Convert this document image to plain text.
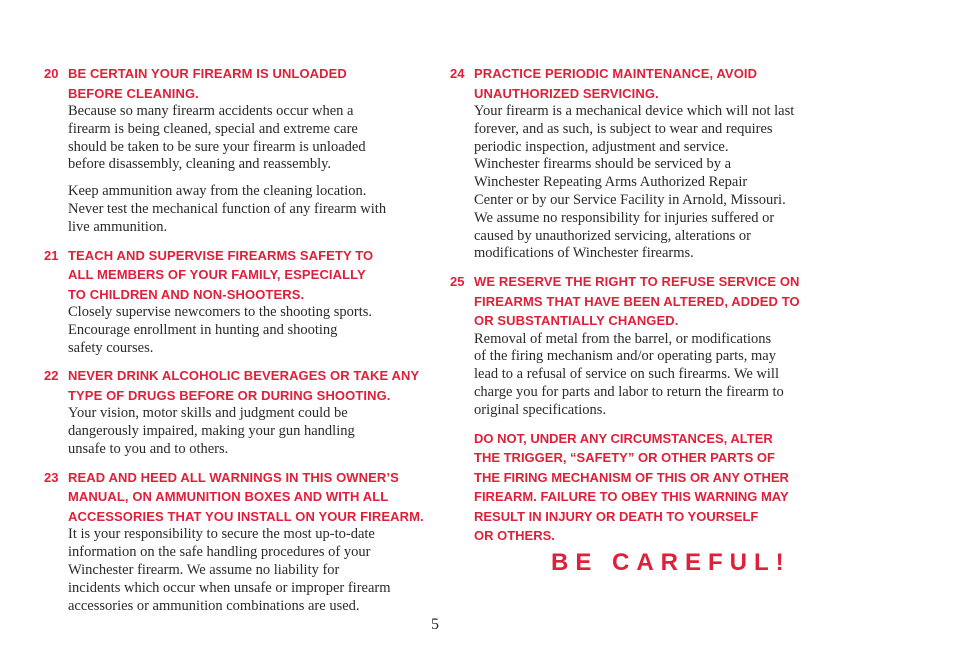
20 BE CERTAIN YOUR FIREARM IS UNLOADED
BEFORE CLEANING.
Because so many firearm accidents occur when a
firearm is being cleaned, special and extreme care
should be taken to be sure your firearm is unloaded
before disassembly, cleaning and reassembly.
Keep ammunition away from the cleaning location.
Never test the mechanical function of any firearm with
live ammunition.
21 TEACH AND SUPERVISE FIREARMS SAFETY TO
ALL MEMBERS OF YOUR FAMILY, ESPECIALLY
TO CHILDREN AND NON-SHOOTERS.
Closely supervise newcomers to the shooting sports.
Encourage enrollment in hunting and shooting
safety courses.
22 NEVER DRINK ALCOHOLIC BEVERAGES OR TAKE ANY
TYPE OF DRUGS BEFORE OR DURING SHOOTING.
Your vision, motor skills and judgment could be
dangerously impaired, making your gun handling
unsafe to you and to others.
23 READ AND HEED ALL WARNINGS IN THIS OWNER’S
MANUAL, ON AMMUNITION BOXES AND WITH ALL
ACCESSORIES THAT YOU INSTALL ON YOUR FIREARM.
It is your responsibility to secure the most up-to-date
information on the safe handling procedures of your
Winchester firearm. We assume no liability for
incidents which occur when unsafe or improper firearm
accessories or ammunition combinations are used.
24 PRACTICE PERIODIC MAINTENANCE, AVOID
UNAUTHORIZED SERVICING.
Your firearm is a mechanical device which will not last
forever, and as such, is subject to wear and requires
periodic inspection, adjustment and service.
Winchester firearms should be serviced by a
Winchester Repeating Arms Authorized Repair
Center or by our Service Facility in Arnold, Missouri.
We assume no responsibility for injuries suffered or
caused by unauthorized servicing, alterations or
modifications of Winchester firearms.
25 WE RESERVE THE RIGHT TO REFUSE SERVICE ON
FIREARMS THAT HAVE BEEN ALTERED, ADDED TO
OR SUBSTANTIALLY CHANGED.
Removal of metal from the barrel, or modifications
of the firing mechanism and/or operating parts, may
lead to a refusal of service on such firearms. We will
charge you for parts and labor to return the firearm to
original specifications.
DO NOT, UNDER ANY CIRCUMSTANCES, ALTER
THE TRIGGER, “SAFETY” OR OTHER PARTS OF
THE FIRING MECHANISM OF THIS OR ANY OTHER
FIREARM. FAILURE TO OBEY THIS WARNING MAY
RESULT IN INJURY OR DEATH TO YOURSELF
OR OTHERS.
BE CAREFUL!
5
